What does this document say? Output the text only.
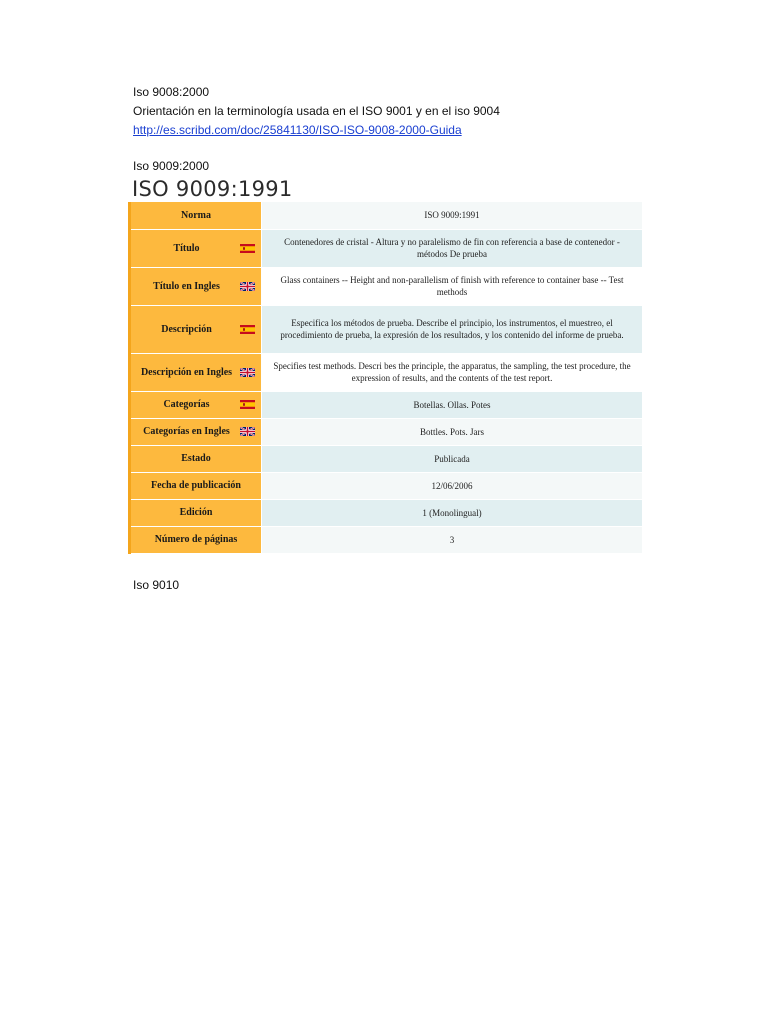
Iso 9008:2000
Orientación en la terminología usada en el ISO 9001 y en el iso 9004
http://es.scribd.com/doc/25841130/ISO-ISO-9008-2000-Guida
Iso 9009:2000
ISO 9009:1991
Norma	ISO 9009:1991

Título	Contenedores de cristal - Altura y no paralelismo de fin con referencia a base de contenedor - métodos De prueba

Título en Ingles	Glass containers -- Height and non-parallelism of finish with reference to container base -- Test methods

Descripción	Especifica los métodos de prueba. Describe el principio, los instrumentos, el muestreo, el procedimiento de prueba, la expresión de los resultados, y los contenido del informe de prueba.

Descripción en Ingles	Specifies test methods. Descri bes the principle, the apparatus, the sampling, the test procedure, the expression of results, and the contents of the test report.

Categorías	Botellas. Ollas. Potes

Categorías en Ingles	Bottles. Pots. Jars

Estado	Publicada

Fecha de publicación	12/06/2006

Edición	1 (Monolingual)

Número de páginas	3
Iso 9010
